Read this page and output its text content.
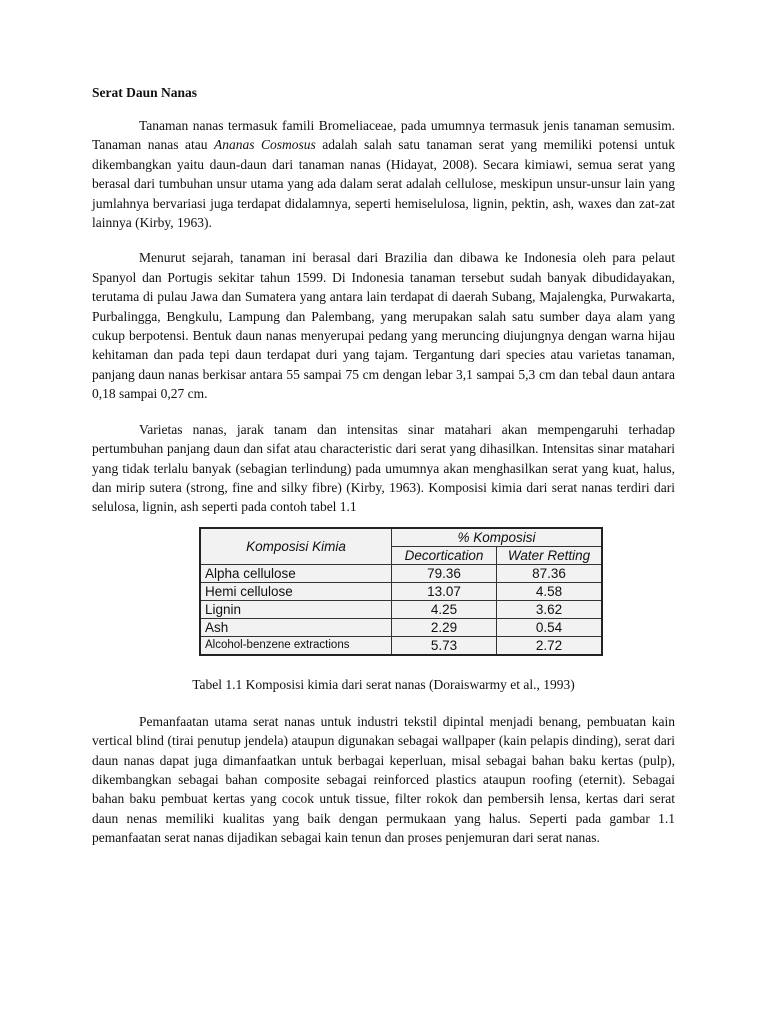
Serat Daun Nanas

Tanaman nanas termasuk famili Bromeliaceae, pada umumnya termasuk jenis tanaman semusim. Tanaman nanas atau Ananas Cosmosus adalah salah satu tanaman serat yang memiliki potensi untuk dikembangkan yaitu daun-daun dari tanaman nanas (Hidayat, 2008). Secara kimiawi, semua serat yang berasal dari tumbuhan unsur utama yang ada dalam serat adalah cellulose, meskipun unsur-unsur lain yang jumlahnya bervariasi juga terdapat didalamnya, seperti hemiselulosa, lignin, pektin, ash, waxes dan zat-zat lainnya (Kirby, 1963).

Menurut sejarah, tanaman ini berasal dari Brazilia dan dibawa ke Indonesia oleh para pelaut Spanyol dan Portugis sekitar tahun 1599. Di Indonesia tanaman tersebut sudah banyak dibudidayakan, terutama di pulau Jawa dan Sumatera yang antara lain terdapat di daerah Subang, Majalengka, Purwakarta, Purbalingga, Bengkulu, Lampung dan Palembang, yang merupakan salah satu sumber daya alam yang cukup berpotensi. Bentuk daun nanas menyerupai pedang yang meruncing diujungnya dengan warna hijau kehitaman dan pada tepi daun terdapat duri yang tajam. Tergantung dari species atau varietas tanaman, panjang daun nanas berkisar antara 55 sampai 75 cm dengan lebar 3,1 sampai 5,3 cm dan tebal daun antara 0,18 sampai 0,27 cm.

Varietas nanas, jarak tanam dan intensitas sinar matahari akan mempengaruhi terhadap pertumbuhan panjang daun dan sifat atau characteristic dari serat yang dihasilkan. Intensitas sinar matahari yang tidak terlalu banyak (sebagian terlindung) pada umumnya akan menghasilkan serat yang kuat, halus, dan mirip sutera (strong, fine and silky fibre) (Kirby, 1963). Komposisi kimia dari serat nanas terdiri dari selulosa, lignin, ash seperti pada contoh tabel 1.1

Komposisi Kimia	% Komposisi	
	Decortication	Water Retting
Alpha cellulose	79.36	87.36
Hemi cellulose	13.07	4.58
Lignin	4.25	3.62
Ash	2.29	0.54
Alcohol-benzene extractions	5.73	2.72
Tabel 1.1 Komposisi kimia dari serat nanas (Doraiswarmy et al., 1993)

Pemanfaatan utama serat nanas untuk industri tekstil dipintal menjadi benang, pembuatan kain vertical blind (tirai penutup jendela) ataupun digunakan sebagai wallpaper (kain pelapis dinding), serat dari daun nanas dapat juga dimanfaatkan untuk berbagai keperluan, misal sebagai bahan baku kertas (pulp), dikembangkan sebagai bahan composite sebagai reinforced plastics ataupun roofing (eternit). Sebagai bahan baku pembuat kertas yang cocok untuk tissue, filter rokok dan pembersih lensa, kertas dari serat daun nenas memiliki kualitas yang baik dengan permukaan yang halus. Seperti pada gambar 1.1 pemanfaatan serat nanas dijadikan sebagai kain tenun dan proses penjemuran dari serat nanas.
